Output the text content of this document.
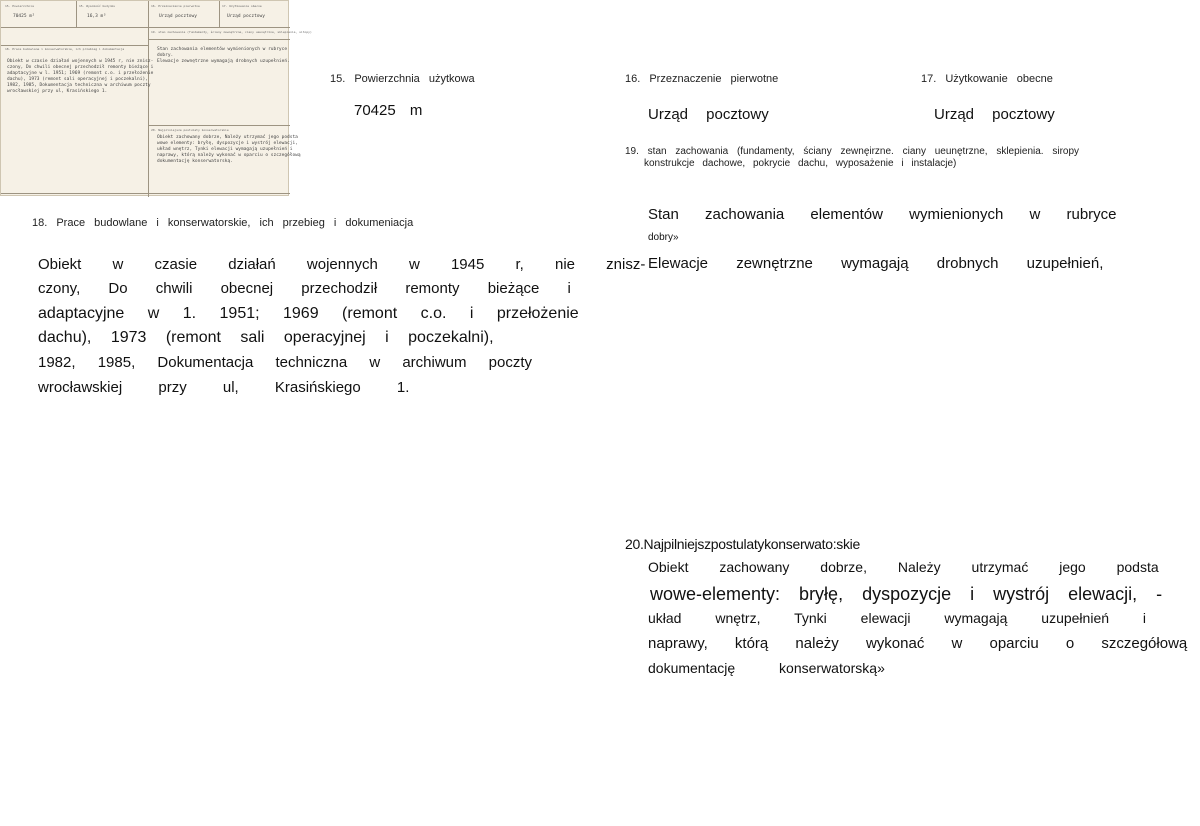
15. Powierzchnia
70425 m²
15. Wysokość budynku
16,3 m³
16. Przeznaczenie pierwotne
Urząd pocztowy
17. Użytkowanie obecne
Urząd pocztowy
18. Prace budowlane i konserwatorskie, ich przebieg i dokumentacja
Obiekt w czasie działań wojennych w 1945 r, nie znisz-
czony, Do chwili obecnej przechodził remonty bieżące i
adaptacyjne w l. 1951; 1969 (remont c.o. i przełożenie
dachu), 1973 (remont sali operacyjnej i poczekalni),
1982, 1985, Dokumentacja techniczna w archiwum poczty
wrocławskiej przy ul, Krasińskiego 1.
19. stan zachowania (fundamenty, ściany zewnętrzne, ciany ueunętrzne, sklepienia, sitopy)
Stan zachowania elementów wymienionych w rubryce
dobry.
Elewacje zewnętrzne wymagają drobnych uzupełnień.
20. Najpilniejsze postulaty konserwatorskie
Obiekt zachowany dobrze, Należy utrzymać jego podsta
wowe elementy: bryłę, dyspozycje i wystrój elewacji,
układ wnętrz, Tynki elewacji wymagają uzupełnień i
naprawy, którą należy wykonać w oparciu o szczegółową
dokumentację konserwatorską.
15. Powierzchnia użytkowa
70425 m
16. Przeznaczenie pierwotne
Urząd pocztowy
17. Użytkowanie obecne
Urząd pocztowy
19. stan zachowania (fundamenty, ściany zewnęirzne. ciany ueunętrzne, sklepienia. siropy
konstrukcje dachowe, pokrycie dachu, wyposażenie i instalacje)
Stan zachowania elementów wymienionych w rubryce
dobry»
Elewacje zewnętrzne wymagają drobnych uzupełnień,
18. Prace budowlane i konserwatorskie, ich przebieg i dokumeniacja
Obiekt w czasie działań wojennych w 1945 r, nie znisz-
czony, Do chwili obecnej przechodził remonty bieżące i
adaptacyjne w 1. 1951; 1969 (remont c.o. i przełożenie
dachu), 1973 (remont sali operacyjnej i poczekalni),
1982, 1985, Dokumentacja techniczna w archiwum poczty
wrocławskiej przy ul, Krasińskiego 1.
20.Najpilniejszpostulatykonserwato:skie
Obiekt zachowany dobrze, Należy utrzymać jego podsta
wowe-elementy: bryłę, dyspozycje i wystrój elewacji, -
układ wnętrz, Tynki elewacji wymagają uzupełnień i
naprawy, którą należy wykonać w oparciu o szczegółową
dokumentację konserwatorską»
